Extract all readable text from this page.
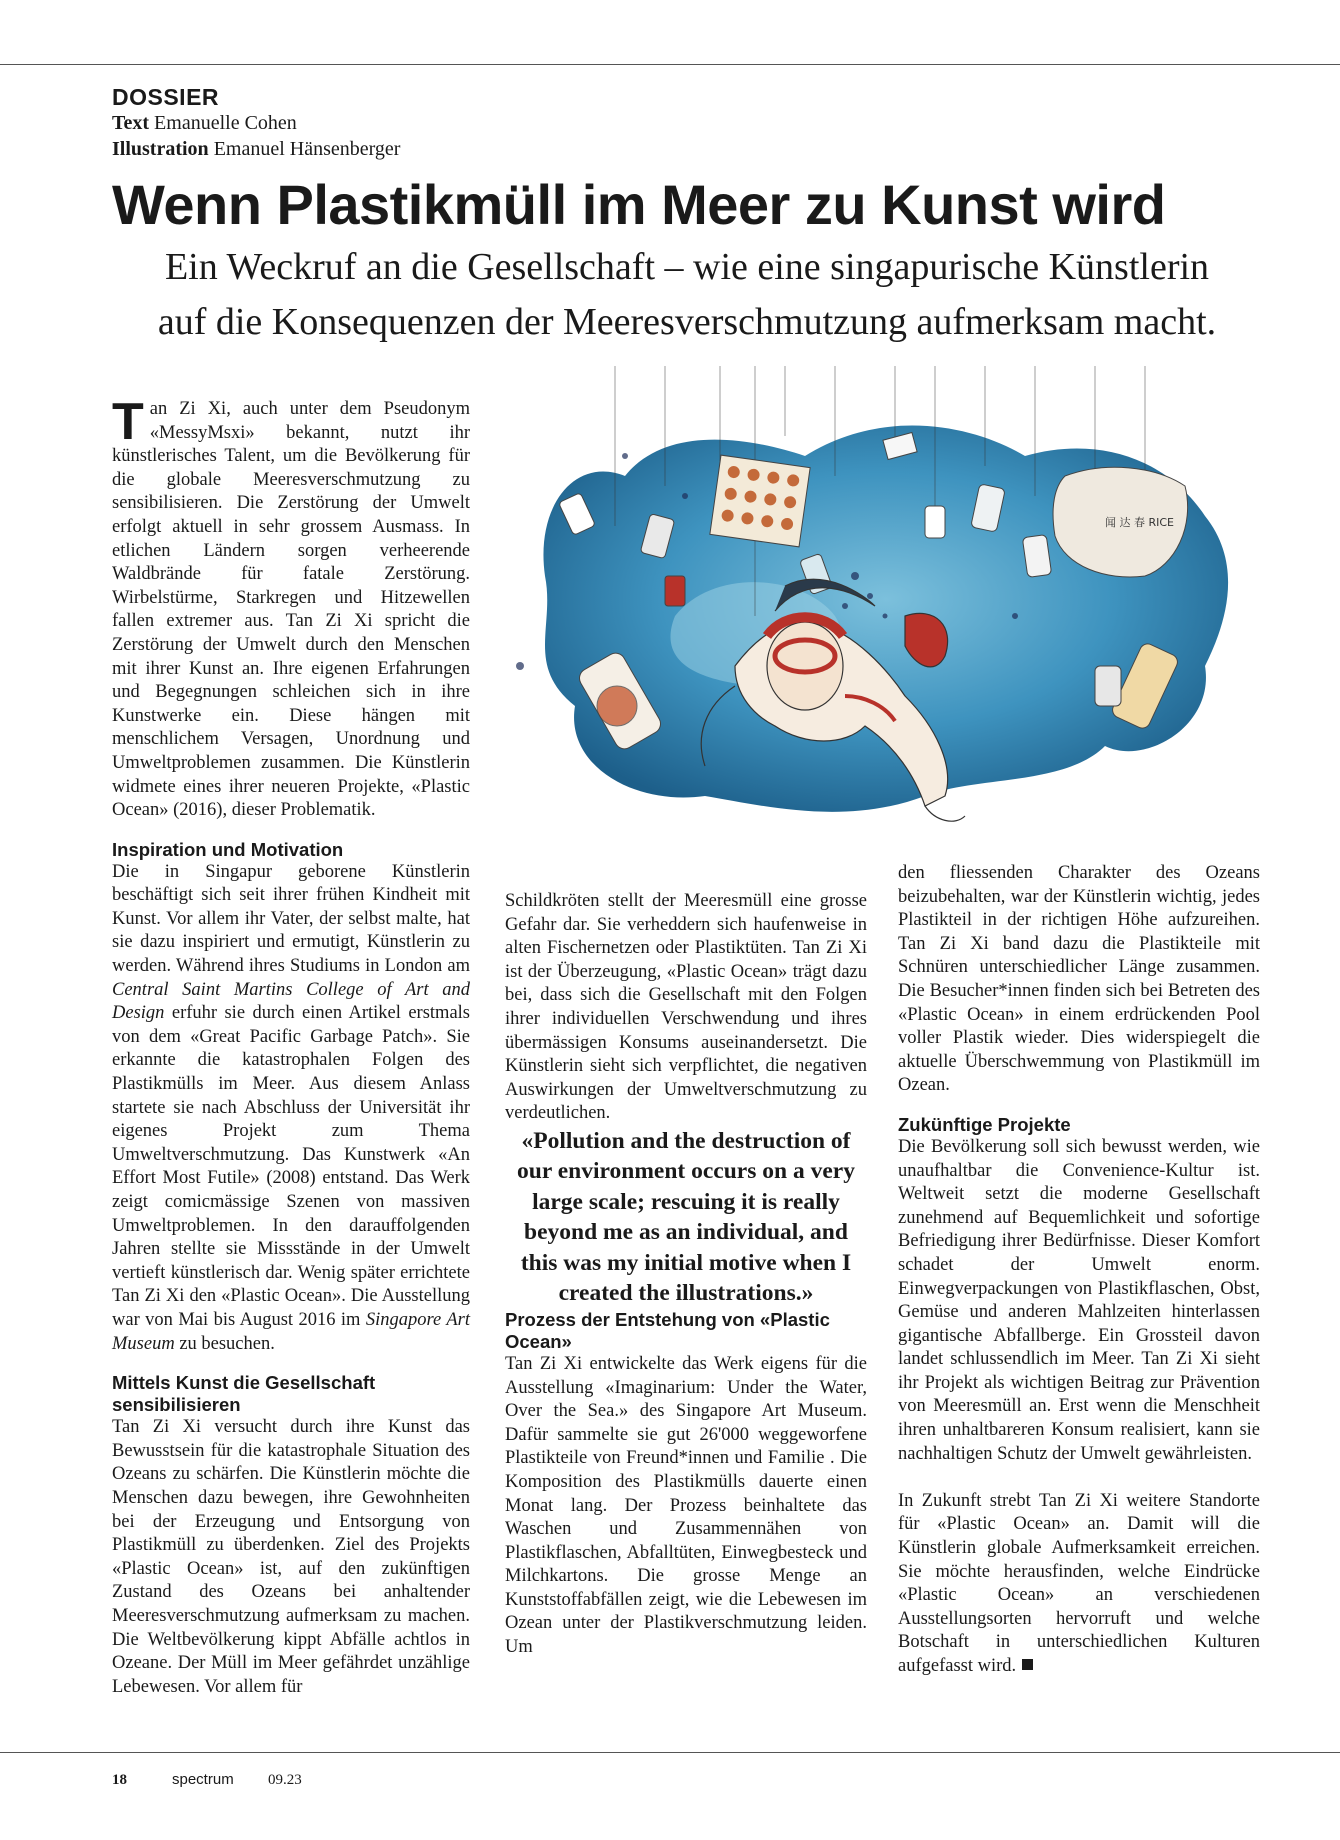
DOSSIER
Text Emanuelle Cohen
Illustration Emanuel Hänsenberger
Wenn Plastikmüll im Meer zu Kunst wird
Ein Weckruf an die Gesellschaft – wie eine singapurische Künstlerin
auf die Konsequenzen der Meeresverschmutzung aufmerksam macht.

Tan Zi Xi, auch unter dem Pseudonym «MessyMsxi» bekannt, nutzt ihr künstlerisches Talent, um die Bevölkerung für die globale Meeresverschmutzung zu sensibilisieren. Die Zerstörung der Umwelt erfolgt aktuell in sehr grossem Ausmass. In etlichen Ländern sorgen verheerende Waldbrände für fatale Zerstörung. Wirbelstürme, Starkregen und Hitzewellen fallen extremer aus. Tan Zi Xi spricht die Zerstörung der Umwelt durch den Menschen mit ihrer Kunst an. Ihre eigenen Erfahrungen und Begegnungen schleichen sich in ihre Kunstwerke ein. Diese hängen mit menschlichem Versagen, Unordnung und Umweltproblemen zusammen. Die Künstlerin widmete eines ihrer neueren Projekte, «Plastic Ocean» (2016), dieser Problematik.

Inspiration und Motivation

Die in Singapur geborene Künstlerin beschäftigt sich seit ihrer frühen Kindheit mit Kunst. Vor allem ihr Vater, der selbst malte, hat sie dazu inspiriert und ermutigt, Künstlerin zu werden. Während ihres Studiums in London am Central Saint Martins College of Art and Design erfuhr sie durch einen Artikel erstmals von dem «Great Pacific Garbage Patch». Sie erkannte die katastrophalen Folgen des Plastikmülls im Meer. Aus diesem Anlass startete sie nach Abschluss der Universität ihr eigenes Projekt zum Thema Umweltverschmutzung. Das Kunstwerk «An Effort Most Futile» (2008) entstand. Das Werk zeigt comicmässige Szenen von massiven Umweltproblemen. In den darauffolgenden Jahren stellte sie Missstände in der Umwelt vertieft künstlerisch dar. Wenig später errichtete Tan Zi Xi den «Plastic Ocean». Die Ausstellung war von Mai bis August 2016 im Singapore Art Museum zu besuchen.

Mittels Kunst die Gesellschaft sensibilisieren

Tan Zi Xi versucht durch ihre Kunst das Bewusstsein für die katastrophale Situation des Ozeans zu schärfen. Die Künstlerin möchte die Menschen dazu bewegen, ihre Gewohnheiten bei der Erzeugung und Entsorgung von Plastikmüll zu überdenken. Ziel des Projekts «Plastic Ocean» ist, auf den zukünftigen Zustand des Ozeans bei anhaltender Meeresverschmutzung aufmerksam zu machen. Die Weltbevölkerung kippt Abfälle achtlos in Ozeane. Der Müll im Meer gefährdet unzählige Lebewesen. Vor allem für

闻 达 春 RICE

Schildkröten stellt der Meeresmüll eine grosse Gefahr dar. Sie verheddern sich haufenweise in alten Fischernetzen oder Plastiktüten. Tan Zi Xi ist der Überzeugung, «Plastic Ocean» trägt dazu bei, dass sich die Gesellschaft mit den Folgen ihrer individuellen Verschwendung und ihres übermässigen Konsums auseinandersetzt. Die Künstlerin sieht sich verpflichtet, die negativen Auswirkungen der Umweltverschmutzung zu verdeutlichen.

«Pollution and the destruction of our environment occurs on a very large scale; rescuing it is really beyond me as an individual, and this was my initial motive when I created the illustrations.»

Prozess der Entstehung von «Plastic Ocean»

Tan Zi Xi entwickelte das Werk eigens für die Ausstellung «Imaginarium: Under the Water, Over the Sea.» des Singapore Art Museum. Dafür sammelte sie gut 26'000 weggeworfene Plastikteile von Freund*innen und Familie . Die Komposition des Plastikmülls dauerte einen Monat lang. Der Prozess beinhaltete das Waschen und Zusammennähen von Plastikflaschen, Abfalltüten, Einwegbesteck und Milchkartons. Die grosse Menge an Kunststoffabfällen zeigt, wie die Lebewesen im Ozean unter der Plastikverschmutzung leiden. Um

den fliessenden Charakter des Ozeans beizubehalten, war der Künstlerin wichtig, jedes Plastikteil in der richtigen Höhe aufzureihen. Tan Zi Xi band dazu die Plastikteile mit Schnüren unterschiedlicher Länge zusammen. Die Besucher*innen finden sich bei Betreten des «Plastic Ocean» in einem erdrückenden Pool voller Plastik wieder. Dies widerspiegelt die aktuelle Überschwemmung von Plastikmüll im Ozean.

Zukünftige Projekte

Die Bevölkerung soll sich bewusst werden, wie unaufhaltbar die Convenience-Kultur ist. Weltweit setzt die moderne Gesellschaft zunehmend auf Bequemlichkeit und sofortige Befriedigung ihrer Bedürfnisse. Dieser Komfort schadet der Umwelt enorm. Einwegverpackungen von Plastikflaschen, Obst, Gemüse und anderen Mahlzeiten hinterlassen gigantische Abfallberge. Ein Grossteil davon landet schlussendlich im Meer. Tan Zi Xi sieht ihr Projekt als wichtigen Beitrag zur Prävention von Meeresmüll an. Erst wenn die Menschheit ihren unhaltbareren Konsum realisiert, kann sie nachhaltigen Schutz der Umwelt gewährleisten.

In Zukunft strebt Tan Zi Xi weitere Standorte für «Plastic Ocean» an. Damit will die Künstlerin globale Aufmerksamkeit erreichen. Sie möchte herausfinden, welche Eindrücke «Plastic Ocean» an verschiedenen Ausstellungsorten hervorruft und welche Botschaft in unterschiedlichen Kulturen aufgefasst wird.

18	spectrum 09.23
